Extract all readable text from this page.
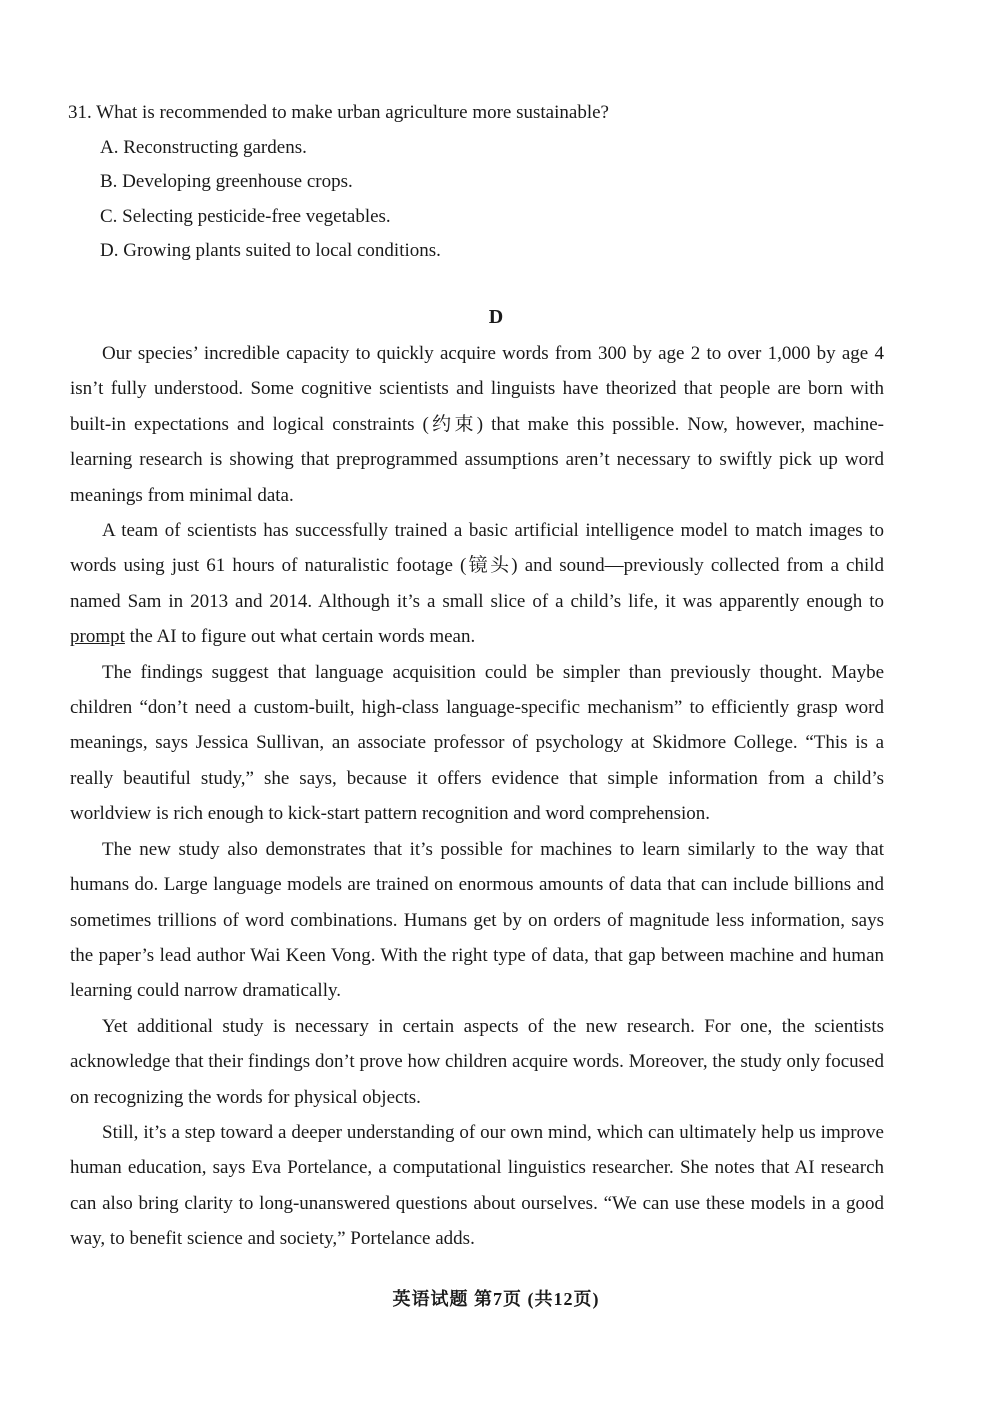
31. What is recommended to make urban agriculture more sustainable?
A. Reconstructing gardens.
B. Developing greenhouse crops.
C. Selecting pesticide-free vegetables.
D. Growing plants suited to local conditions.
D

Our species’ incredible capacity to quickly acquire words from 300 by age 2 to over 1,000 by age 4 isn’t fully understood. Some cognitive scientists and linguists have theorized that people are born with built-in expectations and logical constraints (约束) that make this possible. Now, however, machine-learning research is showing that preprogrammed assumptions aren’t necessary to swiftly pick up word meanings from minimal data.

A team of scientists has successfully trained a basic artificial intelligence model to match images to words using just 61 hours of naturalistic footage (镜头) and sound—previously collected from a child named Sam in 2013 and 2014. Although it’s a small slice of a child’s life, it was apparently enough to prompt the AI to figure out what certain words mean.

The findings suggest that language acquisition could be simpler than previously thought. Maybe children “don’t need a custom-built, high-class language-specific mechanism” to efficiently grasp word meanings, says Jessica Sullivan, an associate professor of psychology at Skidmore College. “This is a really beautiful study,” she says, because it offers evidence that simple information from a child’s worldview is rich enough to kick-start pattern recognition and word comprehension.

The new study also demonstrates that it’s possible for machines to learn similarly to the way that humans do. Large language models are trained on enormous amounts of data that can include billions and sometimes trillions of word combinations. Humans get by on orders of magnitude less information, says the paper’s lead author Wai Keen Vong. With the right type of data, that gap between machine and human learning could narrow dramatically.

Yet additional study is necessary in certain aspects of the new research. For one, the scientists acknowledge that their findings don’t prove how children acquire words. Moreover, the study only focused on recognizing the words for physical objects.

Still, it’s a step toward a deeper understanding of our own mind, which can ultimately help us improve human education, says Eva Portelance, a computational linguistics researcher. She notes that AI research can also bring clarity to long-unanswered questions about ourselves. “We can use these models in a good way, to benefit science and society,” Portelance adds.

英语试题 第7页 (共12页)
